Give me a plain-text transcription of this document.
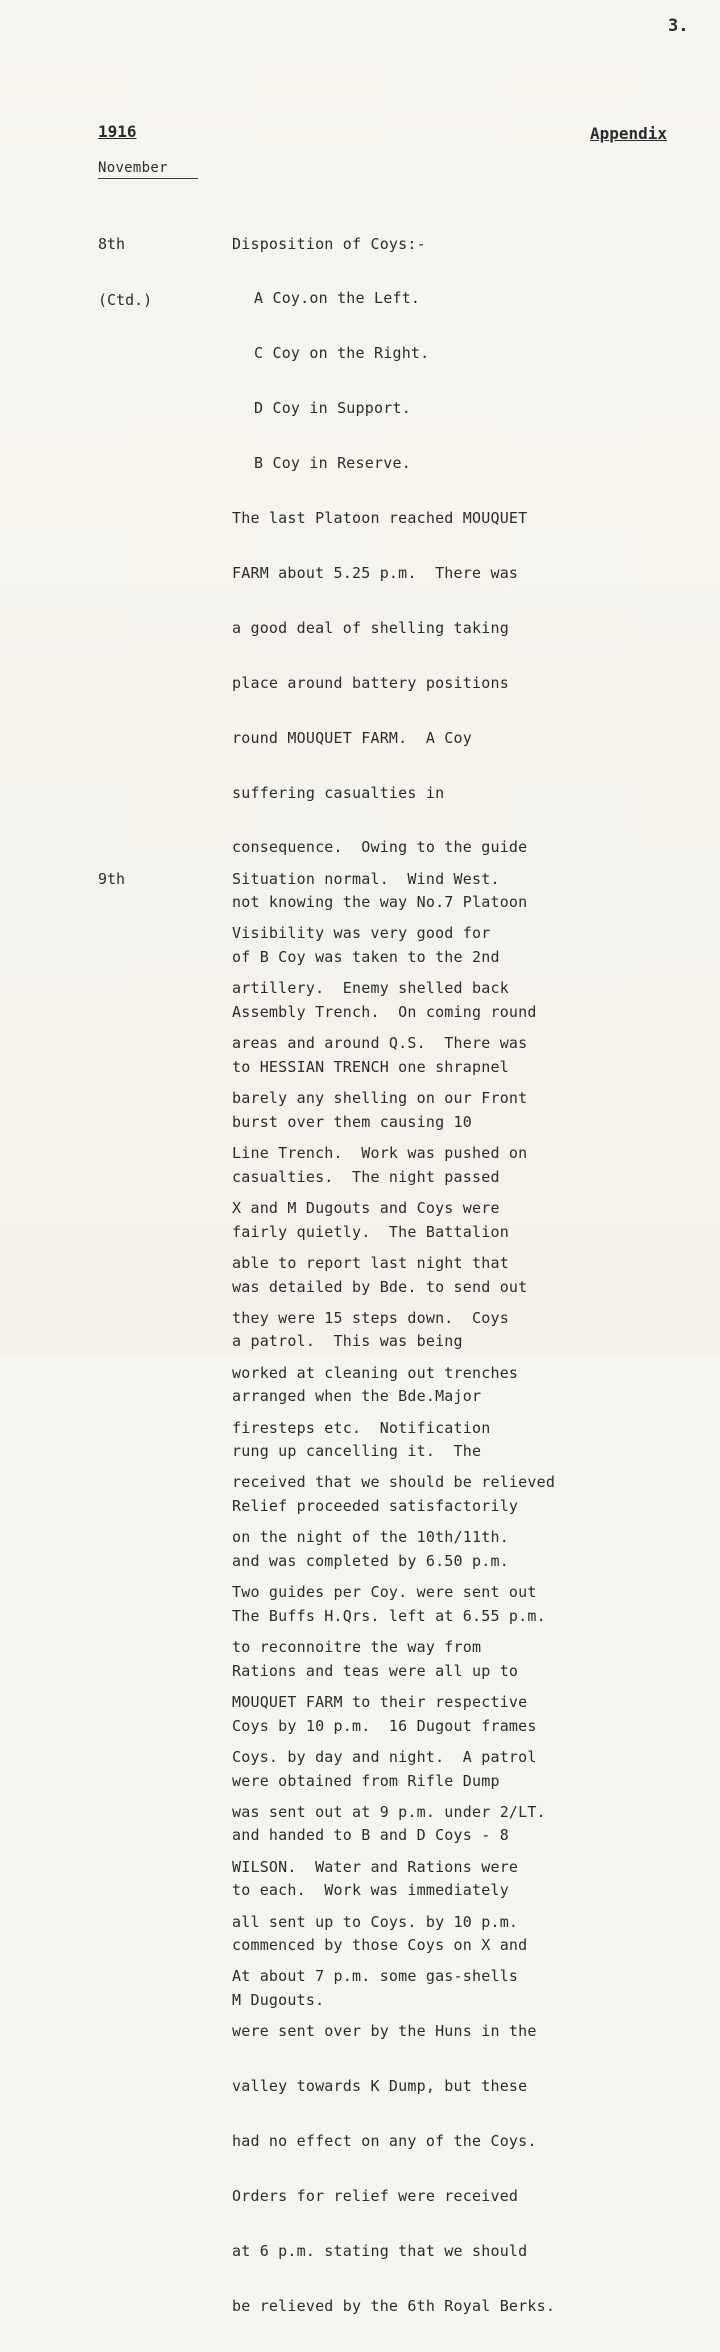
3.
1916	Appendix
November

8th

(Ctd.)

Disposition of Coys:-

A Coy.on the Left.

C Coy on the Right.

D Coy in Support.

B Coy in Reserve.

The last Platoon reached MOUQUET

FARM about 5.25 p.m.  There was

a good deal of shelling taking

place around battery positions

round MOUQUET FARM.  A Coy

suffering casualties in

consequence.  Owing to the guide

not knowing the way No.7 Platoon

of B Coy was taken to the 2nd

Assembly Trench.  On coming round

to HESSIAN TRENCH one shrapnel

burst over them causing 10

casualties.  The night passed

fairly quietly.  The Battalion

was detailed by Bde. to send out

a patrol.  This was being

arranged when the Bde.Major

rung up cancelling it.  The

Relief proceeded satisfactorily

and was completed by 6.50 p.m.

The Buffs H.Qrs. left at 6.55 p.m.

Rations and teas were all up to

Coys by 10 p.m.  16 Dugout frames

were obtained from Rifle Dump

and handed to B and D Coys - 8

to each.  Work was immediately

commenced by those Coys on X and

M Dugouts.

9th

	Situation normal.  Wind West.

Visibility was very good for

artillery.  Enemy shelled back

areas and around Q.S.  There was

barely any shelling on our Front

Line Trench.  Work was pushed on

X and M Dugouts and Coys were

able to report last night that

they were 15 steps down.  Coys

worked at cleaning out trenches

firesteps etc.  Notification

received that we should be relieved

on the night of the 10th/11th.

Two guides per Coy. were sent out

to reconnoitre the way from

MOUQUET FARM to their respective

Coys. by day and night.  A patrol

was sent out at 9 p.m. under 2/LT.

WILSON.  Water and Rations were

all sent up to Coys. by 10 p.m.

At about 7 p.m. some gas-shells

were sent over by the Huns in the

valley towards K Dump, but these

had no effect on any of the Coys.

Orders for relief were received

at 6 p.m. stating that we should

be relieved by the 6th Royal Berks.
